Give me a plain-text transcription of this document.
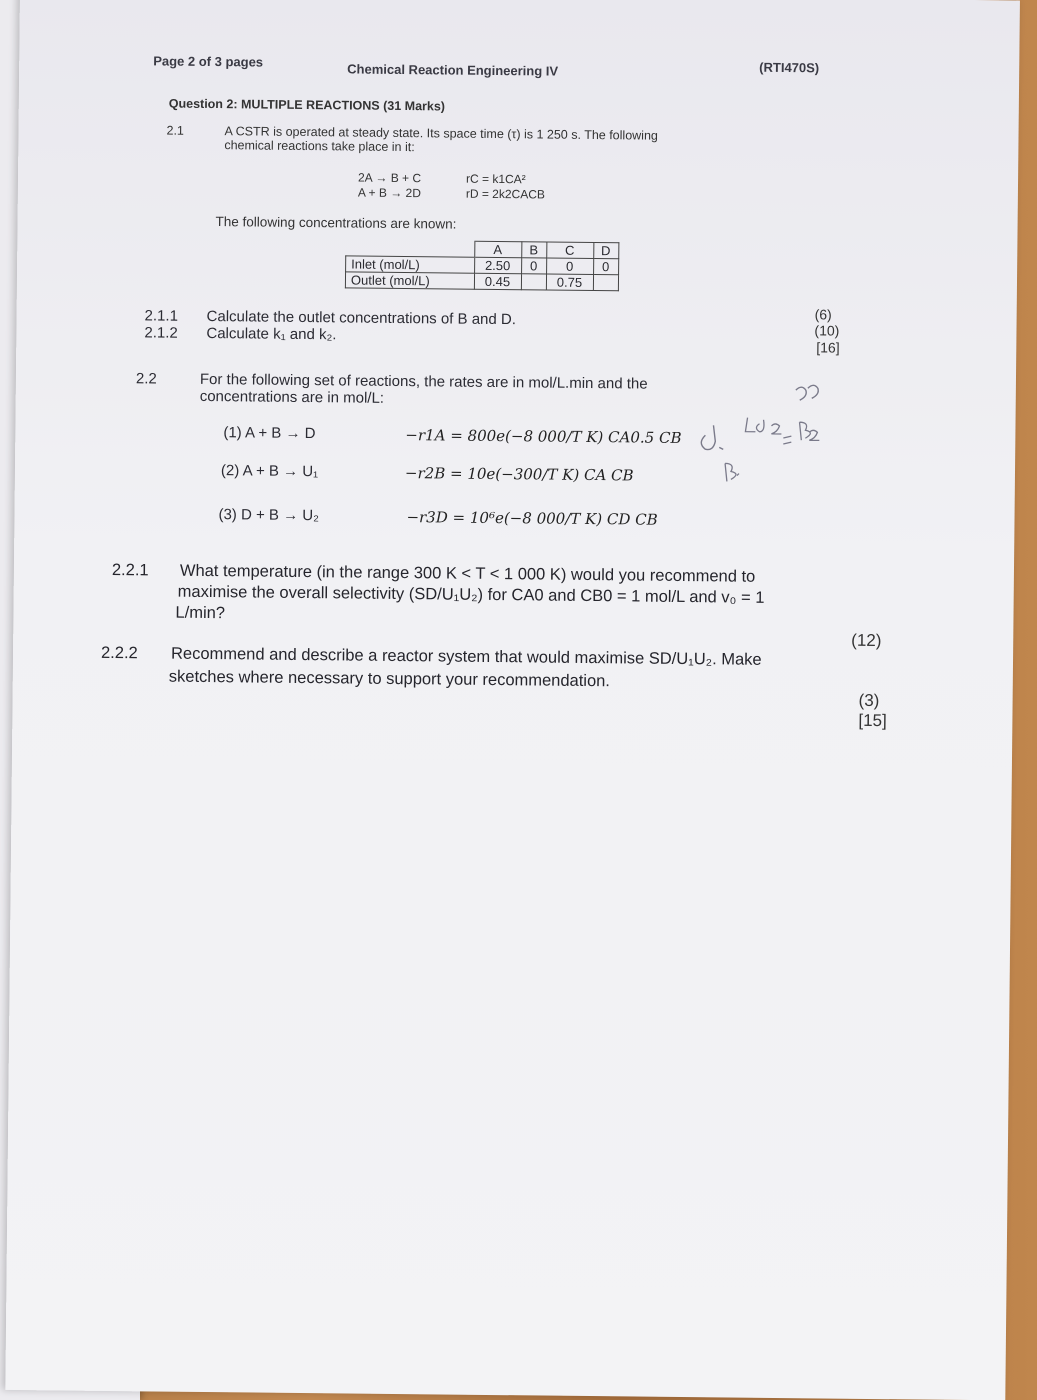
Page 2 of 3 pages	Chemical Reaction Engineering IV	(RTI470S)
Question 2: MULTIPLE REACTIONS (31 Marks)
2.1	A CSTR is operated at steady state. Its space time (τ) is 1 250 s. The following
chemical reactions take place in it:
2A → B + C	rC = k1CA²
A + B → 2D	rD = 2k2CACB
The following concentrations are known:
	A	B	C	D
Inlet (mol/L)	2.50	0	0	0
Outlet (mol/L)	0.45		0.75	
2.1.1 Calculate the outlet concentrations of B and D.
2.1.2 Calculate k₁ and k₂.
(6)
(10)
[16]
2.2	For the following set of reactions, the rates are in mol/L.min and the
concentrations are in mol/L:
(1) A + B → D	−r1A = 800e(−8 000/T K) CA0.5 CB
(2) A + B → U₁	−r2B = 10e(−300/T K) CA CB
(3) D + B → U₂	−r3D = 10⁶e(−8 000/T K) CD CB
2.2.1 What temperature (in the range 300 K < T < 1 000 K) would you recommend to
maximise the overall selectivity (SD/U₁U₂) for CA0 and CB0 = 1 mol/L and v₀ = 1
L/min?
(12)
2.2.2 Recommend and describe a reactor system that would maximise SD/U₁U₂. Make
sketches where necessary to support your recommendation.
(3)
[15]
